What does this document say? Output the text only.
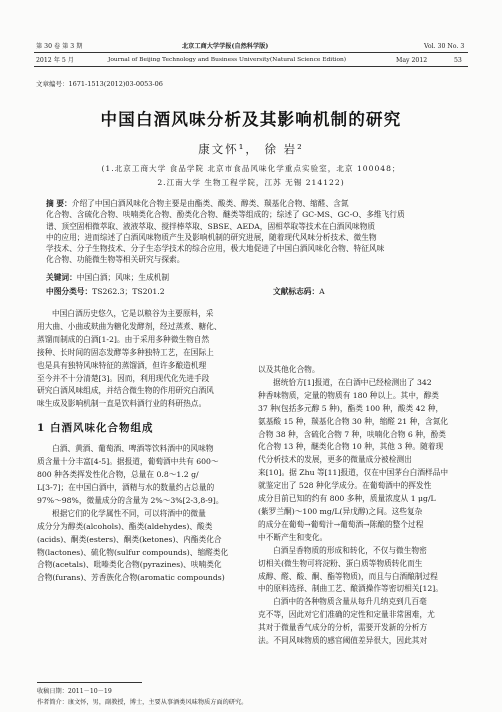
第 30 卷 第 3 期	北京工商大学学报(自然科学版)	Vol. 30 No. 3
2012 年 5 月	Journal of Beijing Technology and Business University(Natural Science Edition)	May 2012	53
文章编号：1671-1513(2012)03-0053-06
中国白酒风味分析及其影响机制的研究
康文怀¹， 徐 岩²
(1.北京工商大学 食品学院 北京市食品风味化学重点实验室，北京 100048；
2.江南大学 生物工程学院，江苏 无锡 214122)
摘 要：介绍了中国白酒风味化合物主要是由酯类、酸类、醇类、羰基化合物、缩醛、含氮
化合物、含硫化合物、呋喃类化合物、酚类化合物、醚类等组成的；综述了 GC-MS、GC-O、多维飞行质
谱、顶空固相微萃取、液液萃取、搅拌棒萃取、SBSE、AEDA，固相萃取等技术在白酒风味物质
中的应用；进而综述了白酒风味物质产生及影响机制的研究进展，随着现代风味分析技术、微生物
学技术、分子生物技术、分子生态学技术的综合应用，极大地促进了中国白酒风味化合物、特征风味
化合物、功能微生物等相关研究与探索。
关键词：中国白酒；风味；生成机制
中图分类号：TS262.3；TS201.2	文献标志码：A
中国白酒历史悠久，它是以粮谷为主要原料，采
用大曲、小曲或麸曲为糖化发酵剂，经过蒸煮、糖化、
蒸馏而制成的白酒[1-2]。由于采用多种微生物自然
接种、长时间的固态发酵等多种独特工艺，在国际上
也是具有独特风味特征的蒸馏酒，但许多酿造机理
至今并不十分清楚[3]。因而，利用现代化先进手段
研究白酒风味组成，并结合微生物的作用研究白酒风
味生成及影响机制一直是饮料酒行业的科研热点。
1 白酒风味化合物组成
白酒、黄酒、葡萄酒、啤酒等饮料酒中的风味物
质含量十分丰富[4-5]。据报道，葡萄酒中共有 600～
800 种各类挥发性化合物，总量在 0.8～1.2 g/
L[3-7]；在中国白酒中，酒精与水的数量约占总量的
97%～98%，微量成分的含量为 2%～3%[2-3,8-9]。
根据它们的化学属性不同，可以将酒中的微量
成分分为醇类(alcohols)、酯类(aldehydes)、酸类
(acids)、酮类(esters)、酮类(ketones)、内酯类化合
物(lactones)、硫化物(sulfur compounds)、缩醛类化
合物(acetals)、吡嗪类化合物(pyrazines)、呋喃类化
合物(furans)、芳香族化合物(aromatic compounds)
以及其他化合物。
据统恰方[1]报道，在白酒中已经检测出了 342
种香味物质，定量的物质有 180 种以上。其中，醇类
37 种(包括多元醇 5 种)，酯类 100 种，酸类 42 种，
氨基酸 15 种，羰基化合物 30 种，缩醛 21 种，含氮化
合物 38 种，含硫化合物 7 种，呋喃化合物 6 种，酚类
化合物 13 种，醚类化合物 10 种，其他 3 种。随着现
代分析技术的发展，更多的微量成分被检测出
来[10]。据 Zhu 等[11]报道，仅在中国茅台白酒样品中
就鉴定出了 528 种化学成分。在葡萄酒中的挥发性
成分目前已知的约有 800 多种，质量浓度从 1 μg/L
(紫罗兰酮)～100 mg/L(异戊醇)之间。这些复杂
的成分在葡萄→葡萄汁→葡萄酒→陈酿的整个过程
中不断产生和变化。
白酒呈香物质的形成和转化，不仅与微生物密
切相关(微生物可将淀粉、蛋白质等物质转化而生
成醇、醛、酸、酮、酯等物质)，而且与白酒酿制过程
中的原料选择、制曲工艺、酿酒操作等密切相关[12]。
白酒中的各种物质含量从每升几纳克到几百毫
克不等，因此对它们准确的定性和定量非常困难，尤
其对于微量香气成分的分析，需要开发新的分析方
法。不同风味物质的感官阈值差异很大，因此其对
收稿日期：2011－10－19
作者简介：康文怀，男，副教授，博士，主要从事酒类风味物质方面的研究。
